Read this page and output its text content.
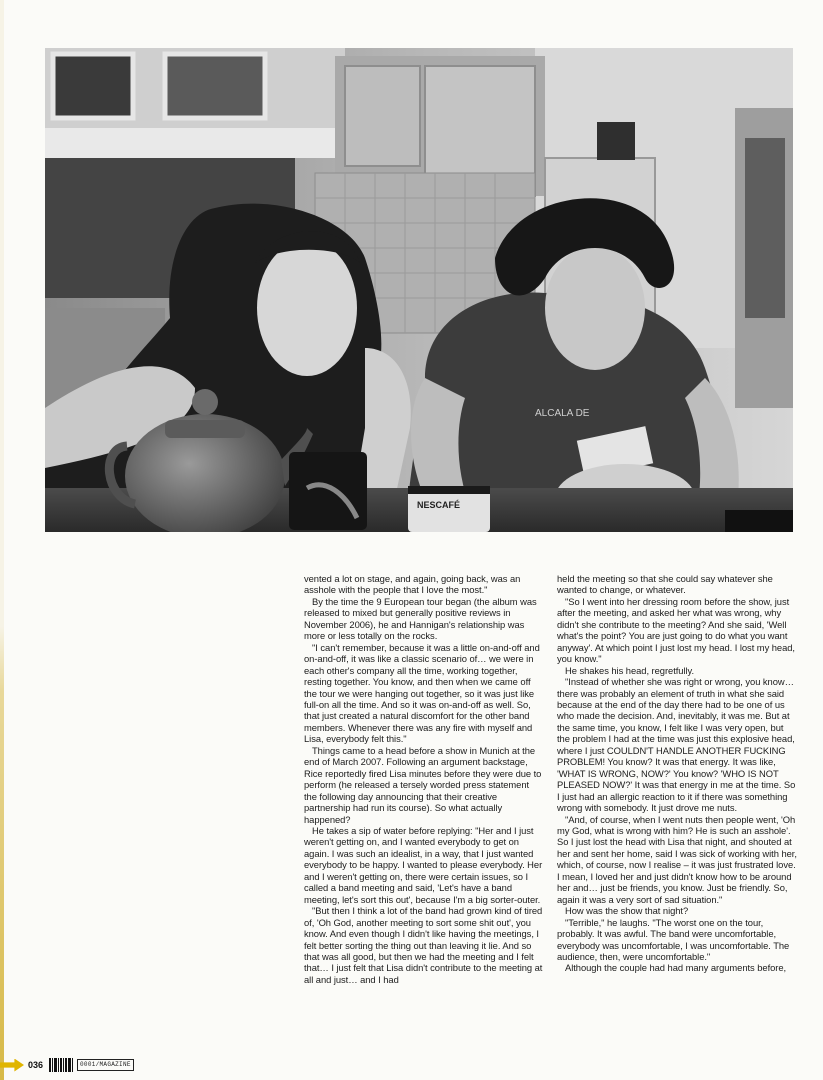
NESCAFÉ
ALCALA DE

vented a lot on stage, and again, going back, was an asshole with the people that I love the most."

By the time the 9 European tour began (the album was released to mixed but generally positive reviews in November 2006), he and Hannigan's relationship was more or less totally on the rocks.

"I can't remember, because it was a little on-and-off and on-and-off, it was like a classic scenario of… we were in each other's company all the time, working together, resting together. You know, and then when we came off the tour we were hanging out together, so it was just like full-on all the time. And so it was on-and-off as well. So, that just created a natural discomfort for the other band members. Whenever there was any fire with myself and Lisa, everybody felt this."

Things came to a head before a show in Munich at the end of March 2007. Following an argument backstage, Rice reportedly fired Lisa minutes before they were due to perform (he released a tersely worded press statement the following day announcing that their creative partnership had run its course). So what actually happened?

He takes a sip of water before replying: "Her and I just weren't getting on, and I wanted everybody to get on again. I was such an idealist, in a way, that I just wanted everybody to be happy. I wanted to please everybody. Her and I weren't getting on, there were certain issues, so I called a band meeting and said, 'Let's have a band meeting, let's sort this out', because I'm a big sorter-outer.

"But then I think a lot of the band had grown kind of tired of, 'Oh God, another meeting to sort some shit out', you know. And even though I didn't like having the meetings, I felt better sorting the thing out than leaving it lie. And so that was all good, but then we had the meeting and I felt that… I just felt that Lisa didn't contribute to the meeting at all and just… and I had

held the meeting so that she could say whatever she wanted to change, or whatever.

"So I went into her dressing room before the show, just after the meeting, and asked her what was wrong, why didn't she contribute to the meeting? And she said, 'Well what's the point? You are just going to do what you want anyway'. At which point I just lost my head. I lost my head, you know."

He shakes his head, regretfully.

"Instead of whether she was right or wrong, you know… there was probably an element of truth in what she said because at the end of the day there had to be one of us who made the decision. And, inevitably, it was me. But at the same time, you know, I felt like I was very open, but the problem I had at the time was just this explosive head, where I just COULDN'T HANDLE ANOTHER FUCKING PROBLEM! You know? It was that energy. It was like, 'WHAT IS WRONG, NOW?' You know? 'WHO IS NOT PLEASED NOW?' It was that energy in me at the time. So I just had an allergic reaction to it if there was something wrong with somebody. It just drove me nuts.

"And, of course, when I went nuts then people went, 'Oh my God, what is wrong with him? He is such an asshole'. So I just lost the head with Lisa that night, and shouted at her and sent her home, said I was sick of working with her, which, of course, now I realise – it was just frustrated love. I mean, I loved her and just didn't know how to be around her and… just be friends, you know. Just be friendly. So, again it was a very sort of sad situation."

How was the show that night?

"Terrible," he laughs. "The worst one on the tour, probably. It was awful. The band were uncomfortable, everybody was uncomfortable, I was uncomfortable. The audience, then, were uncomfortable."

Although the couple had had many arguments before,

036	0001/MAGAZINE
